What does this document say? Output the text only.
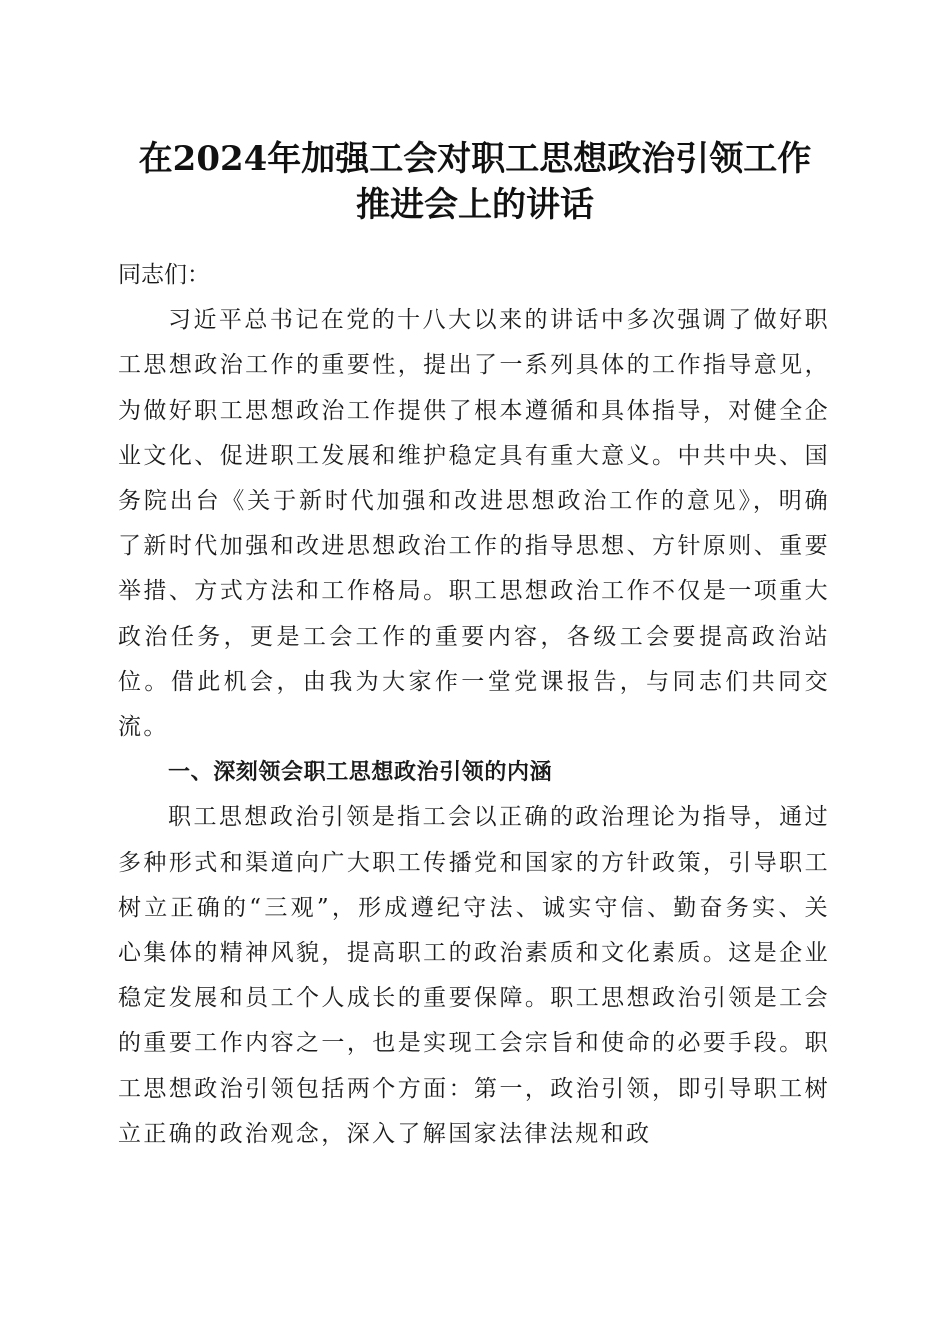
在2024年加强工会对职工思想政治引领工作
推进会上的讲话

同志们：

习近平总书记在党的十八大以来的讲话中多次强调了做好职工思想政治工作的重要性，提出了一系列具体的工作指导意见，为做好职工思想政治工作提供了根本遵循和具体指导，对健全企业文化、促进职工发展和维护稳定具有重大意义。中共中央、国务院出台《关于新时代加强和改进思想政治工作的意见》，明确了新时代加强和改进思想政治工作的指导思想、方针原则、重要举措、方式方法和工作格局。职工思想政治工作不仅是一项重大政治任务，更是工会工作的重要内容，各级工会要提高政治站位。借此机会，由我为大家作一堂党课报告，与同志们共同交流。

一、深刻领会职工思想政治引领的内涵

职工思想政治引领是指工会以正确的政治理论为指导，通过多种形式和渠道向广大职工传播党和国家的方针政策，引导职工树立正确的“三观”，形成遵纪守法、诚实守信、勤奋务实、关心集体的精神风貌，提高职工的政治素质和文化素质。这是企业稳定发展和员工个人成长的重要保障。职工思想政治引领是工会的重要工作内容之一，也是实现工会宗旨和使命的必要手段。职工思想政治引领包括两个方面：第一，政治引领，即引导职工树立正确的政治观念，深入了解国家法律法规和政
